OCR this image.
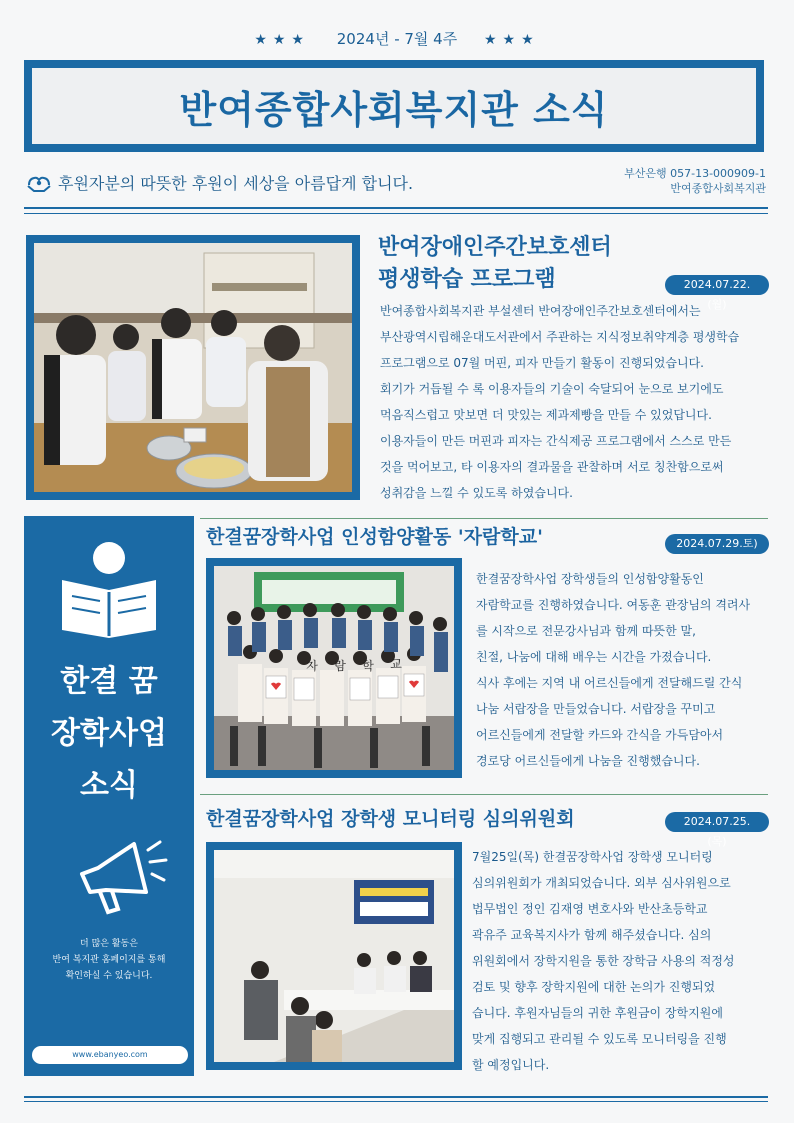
★★★ 2024년 - 7월 4주 ★★★
반여종합사회복지관 소식
후원자분의 따뜻한 후원이 세상을 아름답게 합니다.
부산은행 057-13-000909-1
반여종합사회복지관
반여장애인주간보호센터
평생학습 프로그램	2024.07.22.(월)
반여종합사회복지관 부설센터 반여장애인주간보호센터에서는
부산광역시립해운대도서관에서 주관하는 지식정보취약계층 평생학습
프로그램으로 07월 머핀, 피자 만들기 활동이 진행되었습니다.
회기가 거듭될 수 록 이용자들의 기술이 숙달되어 눈으로 보기에도
먹음직스럽고 맛보면 더 맛있는 제과제빵을 만들 수 있었답니다.
이용자들이 만든 머핀과 피자는 간식제공 프로그램에서 스스로 만든
것을 먹어보고, 타 이용자의 결과물을 관찰하며 서로 칭찬함으로써
성취감을 느낄 수 있도록 하였습니다.
한결 꿈
장학사업
소식
더 많은 활동은
반여 복지관 홈페이지를 통해
확인하실 수 있습니다.
www.ebanyeo.com
한결꿈장학사업 인성함양활동 '자람학교'	2024.07.29.토)
자	람	학	교
한결꿈장학사업 장학생들의 인성함양활동인
자람학교를 진행하였습니다. 여동훈 관장님의 격려사
를 시작으로 전문강사님과 함께 따뜻한 말,
친절, 나눔에 대해 배우는 시간을 가졌습니다.
식사 후에는 지역 내 어르신들에게 전달해드릴 간식
나눔 서랍장을 만들었습니다. 서랍장을 꾸미고
어르신들에게 전달할 카드와 간식을 가득담아서
경로당 어르신들에게 나눔을 진행했습니다.
한결꿈장학사업 장학생 모니터링 심의위원회	2024.07.25.(목)
7월25일(목) 한결꿈장학사업 장학생 모니터링
심의위원회가 개최되었습니다. 외부 심사위원으로
법무법인 정인 김재영 변호사와 반산초등학교
곽유주 교육복지사가 함께 해주셨습니다. 심의
위원회에서 장학지원을 통한 장학금 사용의 적정성
검토 및 향후 장학지원에 대한 논의가 진행되었
습니다. 후원자님들의 귀한 후원금이 장학지원에
맞게 집행되고 관리될 수 있도록 모니터링을 진행
할 예정입니다.
